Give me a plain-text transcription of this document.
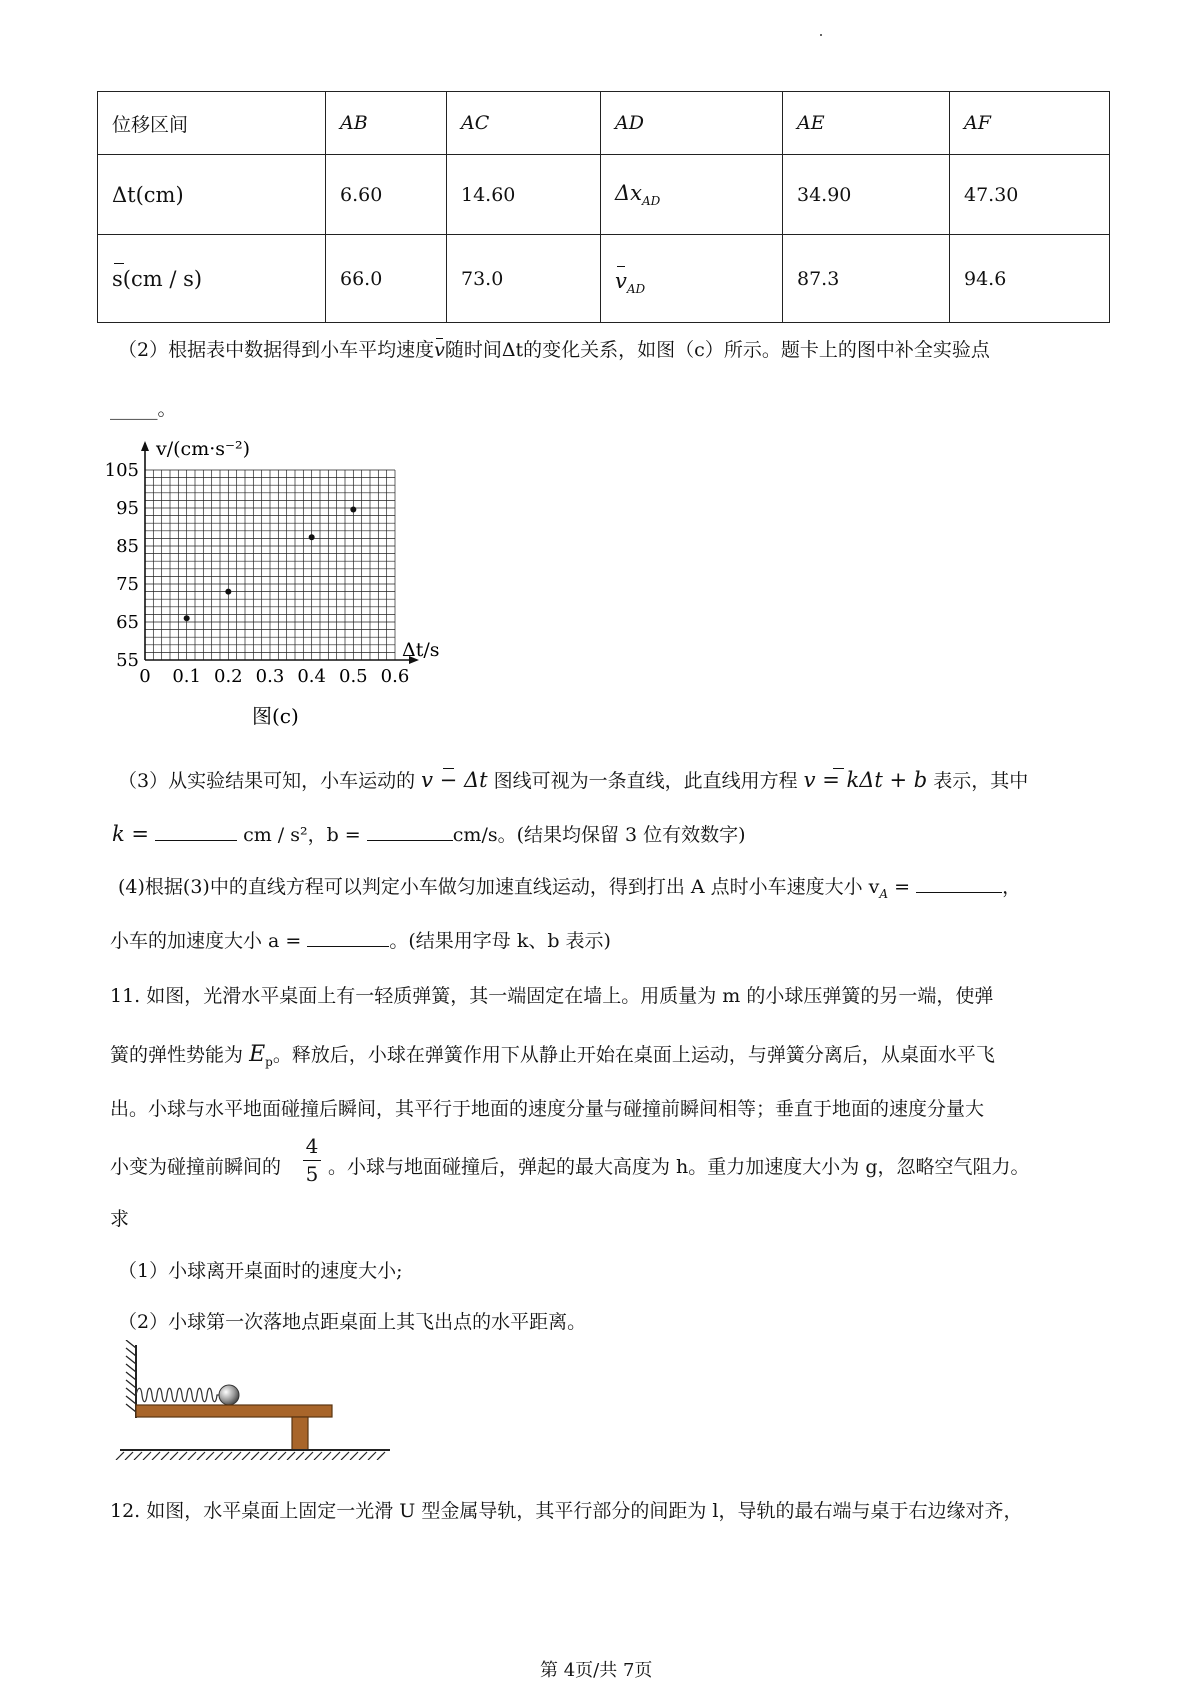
位移区间	AB	AC	AD	AE	AF
Δt(cm)	6.60	14.60	$\Delta x_{AD}$	34.90	47.30
s(cm / s)	66.0	73.0	$v_{AD}$	87.3	94.6
（2）根据表中数据得到小车平均速度v随时间Δt的变化关系，如图（c）所示。题卡上的图中补全实验点
_____。
0 0.1 0.2 0.3 0.4 0.5 0.6
55
65
75
85
95
105
v/(cm·s⁻²)
Δt/s
图(c)
（3）从实验结果可知，小车运动的 v − Δt 图线可视为一条直线，此直线用方程 v = kΔt + b 表示，其中
k =	cm / s²，b =	cm/s。(结果均保留 3 位有效数字)
(4)根据(3)中的直线方程可以判定小车做匀加速直线运动，得到打出 A 点时小车速度大小 $v_A$ =	，
小车的加速度大小 a =	。(结果用字母 k、b 表示)
11. 如图，光滑水平桌面上有一轻质弹簧，其一端固定在墙上。用质量为 m 的小球压弹簧的另一端，使弹
簧的弹性势能为 $E_p$。释放后，小球在弹簧作用下从静止开始在桌面上运动，与弹簧分离后，从桌面水平飞
出。小球与水平地面碰撞后瞬间，其平行于地面的速度分量与碰撞前瞬间相等；垂直于地面的速度分量大
小变为碰撞前瞬间的
4
5 。小球与地面碰撞后，弹起的最大高度为 h。重力加速度大小为 g，忽略空气阻力。
求
（1）小球离开桌面时的速度大小;
（2）小球第一次落地点距桌面上其飞出点的水平距离。
12. 如图，水平桌面上固定一光滑 U 型金属导轨，其平行部分的间距为 l，导轨的最右端与桌于右边缘对齐，
第 4页/共 7页
